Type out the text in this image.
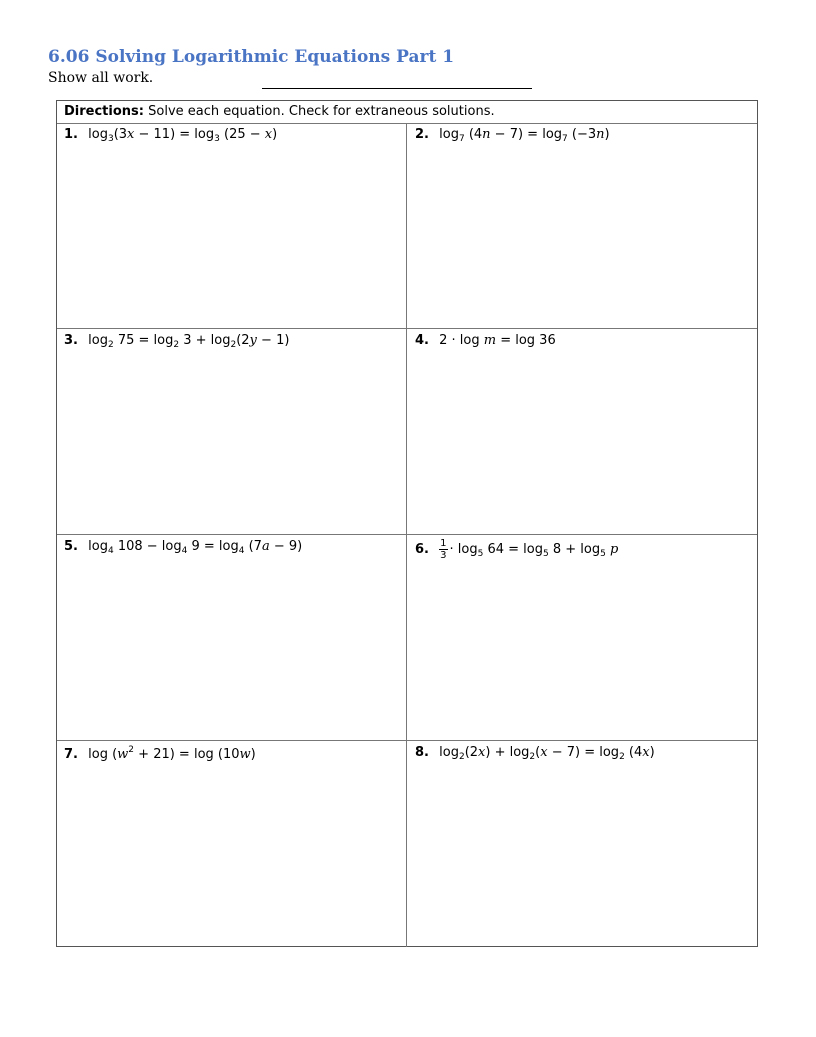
6.06 Solving Logarithmic Equations Part 1
Show all work.
Directions: Solve each equation. Check for extraneous solutions.
1. $\log_3(3x - 11) = \log_3 (25 - x)$	2. $\log_7 (4n - 7) = \log_7 (-3n)$
3. $\log_2 75 = \log_2 3 + \log_2(2y - 1)$	4. 2 · log m = log 36
5. $\log_4 108 - \log_4 9 = \log_4 (7a - 9)$	6. $\frac{1}{3} \cdot \log_5 64 = \log_5 8 + \log_5 p$
7. $\log (w^2 + 21) = \log (10w)$	8. $\log_2(2x) + \log_2(x - 7) = \log_2 (4x)$
